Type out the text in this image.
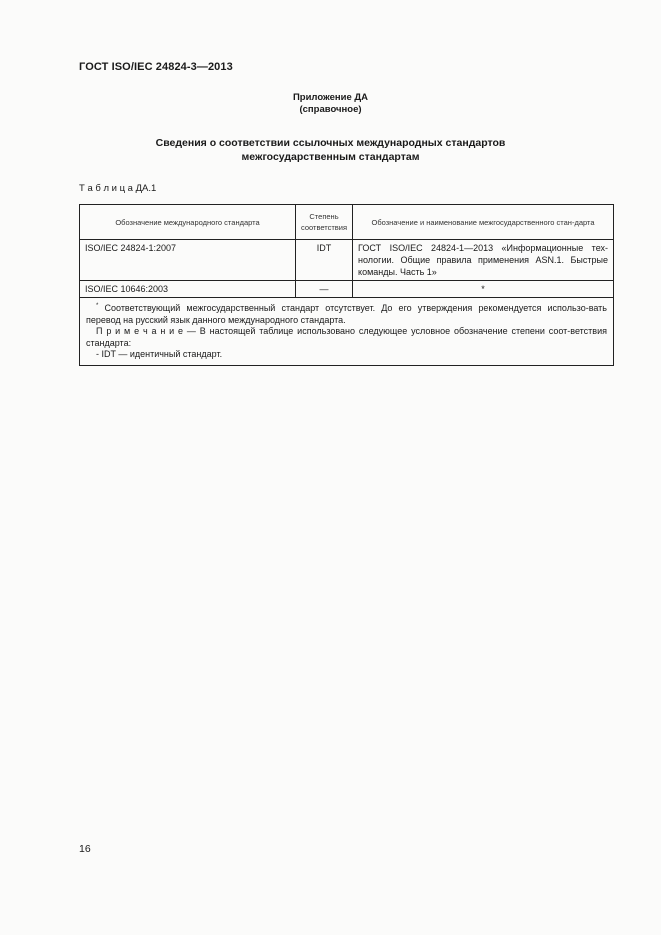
ГОСТ ISO/IEC 24824-3—2013
Приложение ДА
(справочное)
Сведения о соответствии ссылочных международных стандартов
межгосударственным стандартам
Т а б л и ц а ДА.1
Обозначение международного стандарта	Степень соответствия	Обозначение и наименование межгосударственного стан-дарта
ISO/IEC 24824-1:2007	IDT	ГОСТ ISO/IEC 24824-1—2013 «Информационные тех-нологии. Общие правила применения ASN.1. Быстрые команды. Часть 1»
ISO/IEC 10646:2003	—	*

* Соответствующий межгосударственный стандарт отсутствует. До его утверждения рекомендуется использо-вать перевод на русский язык данного международного стандарта.

П р и м е ч а н и е — В настоящей таблице использовано следующее условное обозначение степени соот-ветствия стандарта:

- IDT — идентичный стандарт.		

16
